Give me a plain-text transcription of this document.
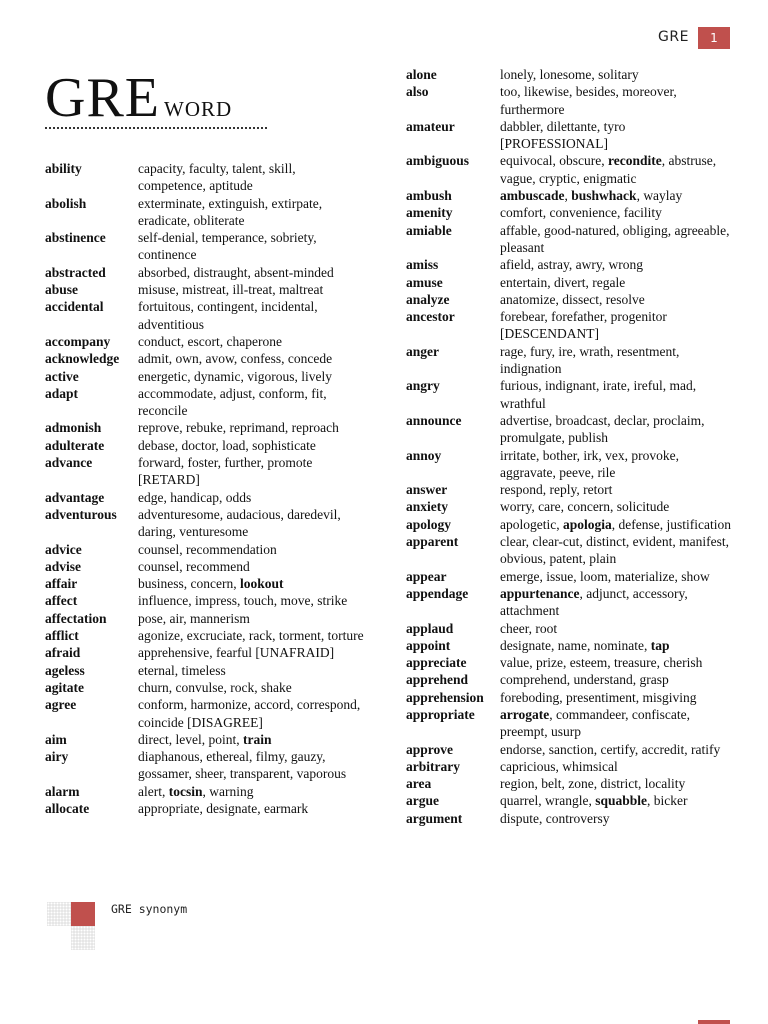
GRE	1
GRE WORD
ability	capacity, faculty, talent, skill, competence, aptitude
abolish	exterminate, extinguish, extirpate, eradicate, obliterate
abstinence	self-denial, temperance, sobriety, continence
abstracted	absorbed, distraught, absent-minded
abuse	misuse, mistreat, ill-treat, maltreat
accidental	fortuitous, contingent, incidental, adventitious
accompany	conduct, escort, chaperone
acknowledge	admit, own, avow, confess, concede
active	energetic, dynamic, vigorous, lively
adapt	accommodate, adjust, conform, fit, reconcile
admonish	reprove, rebuke, reprimand, reproach
adulterate	debase, doctor, load, sophisticate
advance	forward, foster, further, promote [RETARD]
advantage	edge, handicap, odds
adventurous	adventuresome, audacious, daredevil, daring, venturesome
advice	counsel, recommendation
advise	counsel, recommend
affair	business, concern, lookout
affect	influence, impress, touch, move, strike
affectation	pose, air, mannerism
afflict	agonize, excruciate, rack, torment, torture
afraid	apprehensive, fearful [UNAFRAID]
ageless	eternal, timeless
agitate	churn, convulse, rock, shake
agree	conform, harmonize, accord, correspond, coincide [DISAGREE]
aim	direct, level, point, train
airy	diaphanous, ethereal, filmy, gauzy, gossamer, sheer, transparent, vaporous
alarm	alert, tocsin, warning
allocate	appropriate, designate, earmark
alone	lonely, lonesome, solitary
also	too, likewise, besides, moreover, furthermore
amateur	dabbler, dilettante, tyro [PROFESSIONAL]
ambiguous	equivocal, obscure, recondite, abstruse, vague, cryptic, enigmatic
ambush	ambuscade, bushwhack, waylay
amenity	comfort, convenience, facility
amiable	affable, good-natured, obliging, agreeable, pleasant
amiss	afield, astray, awry, wrong
amuse	entertain, divert, regale
analyze	anatomize, dissect, resolve
ancestor	forebear, forefather, progenitor [DESCENDANT]
anger	rage, fury, ire, wrath, resentment, indignation
angry	furious, indignant, irate, ireful, mad, wrathful
announce	advertise, broadcast, declar, proclaim, promulgate, publish
annoy	irritate, bother, irk, vex, provoke, aggravate, peeve, rile
answer	respond, reply, retort
anxiety	worry, care, concern, solicitude
apology	apologetic, apologia, defense, justification
apparent	clear, clear-cut, distinct, evident, manifest, obvious, patent, plain
appear	emerge, issue, loom, materialize, show
appendage	appurtenance, adjunct, accessory, attachment
applaud	cheer, root
appoint	designate, name, nominate, tap
appreciate	value, prize, esteem, treasure, cherish
apprehend	comprehend, understand, grasp
apprehension	foreboding, presentiment, misgiving
appropriate	arrogate, commandeer, confiscate, preempt, usurp
approve	endorse, sanction, certify, accredit, ratify
arbitrary	capricious, whimsical
area	region, belt, zone, district, locality
argue	quarrel, wrangle, squabble, bicker
argument	dispute, controversy
GRE synonym
